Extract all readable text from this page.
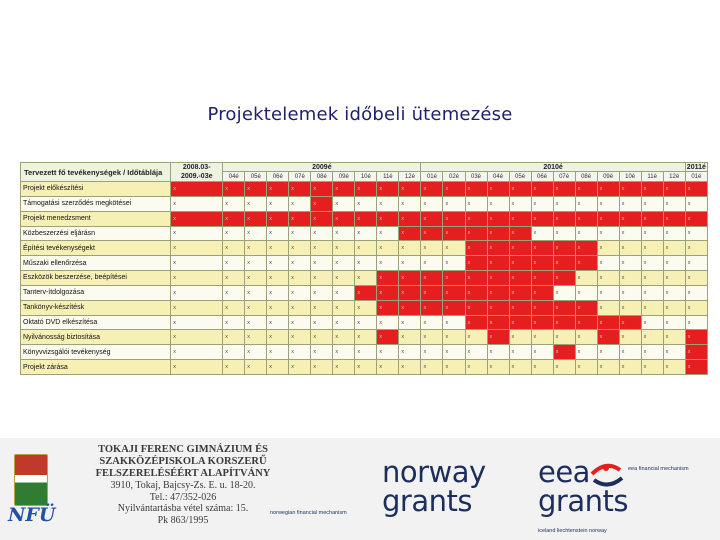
Projektelemek időbeli ütemezése
Tervezett fő tevékenységek / Időtáblája	2008.03-2009.-03e	2009é									2010é												2011é
		04é	05é	06é	07é	08é	09é	10é	11é	12é	01é	02é	03é	04é	05é	06é	07é	08é	09é	10é	11é	12é	01é
Projekt előkészítési	x	x	x	x	x	x	x	x	x	x	x	x	x	x	x	x	x	x	x	x	x	x	x
Támogatási szerződés megkötései	x	x	x	x	x	x	x	x	x	x	x	x	x	x	x	x	x	x	x	x	x	x	x
Projekt menedzsment	x	x	x	x	x	x	x	x	x	x	x	x	x	x	x	x	x	x	x	x	x	x	x
Közbeszerzési eljárásn	x	x	x	x	x	x	x	x	x	x	x	x	x	x	x	x	x	x	x	x	x	x	x
Építési tevékenységekt	x	x	x	x	x	x	x	x	x	x	x	x	x	x	x	x	x	x	x	x	x	x	x
Műszaki ellenőrzésa	x	x	x	x	x	x	x	x	x	x	x	x	x	x	x	x	x	x	x	x	x	x	x
Eszközök beszerzése, beépítései	x	x	x	x	x	x	x	x	x	x	x	x	x	x	x	x	x	x	x	x	x	x	x
Tanterv-ítdolgozása	x	x	x	x	x	x	x	x	x	x	x	x	x	x	x	x	x	x	x	x	x	x	x
Tankönyv-készítésk	x	x	x	x	x	x	x	x	x	x	x	x	x	x	x	x	x	x	x	x	x	x	x
Oktató DVD elkészítésa	x	x	x	x	x	x	x	x	x	x	x	x	x	x	x	x	x	x	x	x	x	x	x
Nyilvánosság biztosítása	x	x	x	x	x	x	x	x	x	x	x	x	x	x	x	x	x	x	x	x	x	x	x
Könyvvizsgálói tevékenység	x	x	x	x	x	x	x	x	x	x	x	x	x	x	x	x	x	x	x	x	x	x	x
Projekt zárása	x	x	x	x	x	x	x	x	x	x	x	x	x	x	x	x	x	x	x	x	x	x	x
NFÜ
TOKAJI FERENC GIMNÁZIUM ÉS
SZAKKÖZÉPISKOLA KORSZERŰ
FELSZERELÉSÉÉRT ALAPÍTVÁNY
3910, Tokaj, Bajcsy-Zs. E. u. 18-20.
Tel.: 47/352-026
Nyilvántartásba vétel száma: 15.
Pk 863/1995
norway
grants
norwegian financial mechanism
eea
grants
eea financial mechanism
iceland liechtenstein norway
